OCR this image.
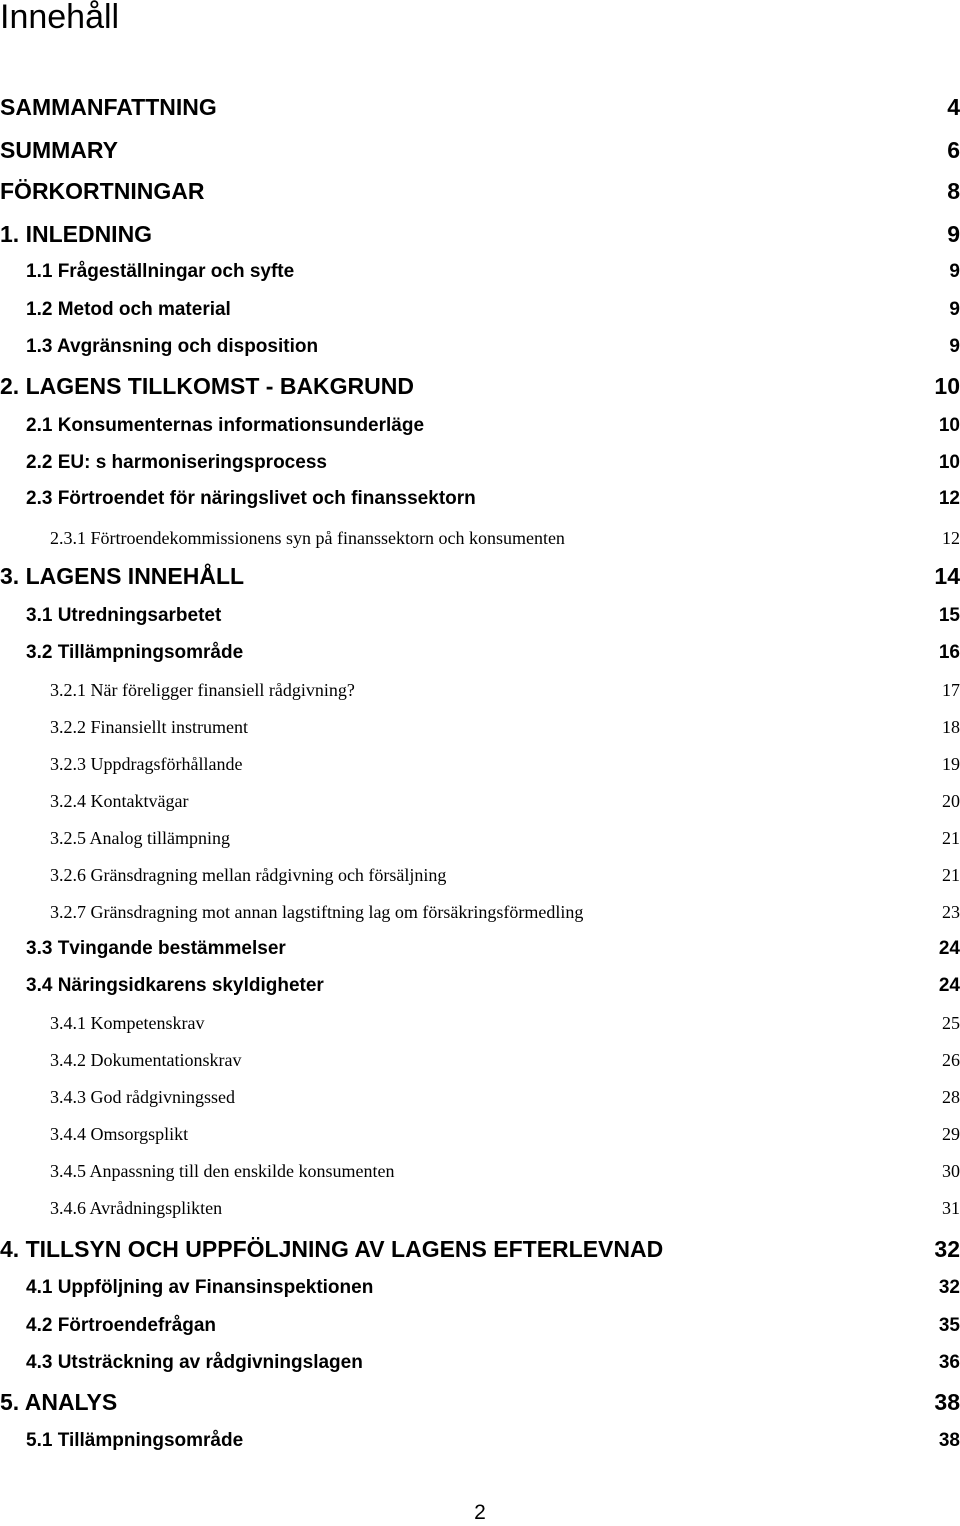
Innehåll
SAMMANFATTNING	4
SUMMARY	6
FÖRKORTNINGAR	8
1. INLEDNING	9
1.1 Frågeställningar och syfte	9
1.2 Metod och material	9
1.3 Avgränsning och disposition	9
2. LAGENS TILLKOMST - BAKGRUND	10
2.1 Konsumenternas informationsunderläge	10
2.2 EU: s harmoniseringsprocess	10
2.3 Förtroendet för näringslivet och finanssektorn	12
2.3.1 Förtroendekommissionens syn på finanssektorn och konsumenten	12
3. LAGENS INNEHÅLL	14
3.1 Utredningsarbetet	15
3.2 Tillämpningsområde	16
3.2.1 När föreligger finansiell rådgivning?	17
3.2.2 Finansiellt instrument	18
3.2.3 Uppdragsförhållande	19
3.2.4 Kontaktvägar	20
3.2.5 Analog tillämpning	21
3.2.6 Gränsdragning mellan rådgivning och försäljning	21
3.2.7 Gränsdragning mot annan lagstiftning lag om försäkringsförmedling	23
3.3 Tvingande bestämmelser	24
3.4 Näringsidkarens skyldigheter	24
3.4.1 Kompetenskrav	25
3.4.2 Dokumentationskrav	26
3.4.3 God rådgivningssed	28
3.4.4 Omsorgsplikt	29
3.4.5 Anpassning till den enskilde konsumenten	30
3.4.6 Avrådningsplikten	31
4. TILLSYN OCH UPPFÖLJNING AV LAGENS EFTERLEVNAD	32
4.1 Uppföljning av Finansinspektionen	32
4.2 Förtroendefrågan	35
4.3 Utsträckning av rådgivningslagen	36
5. ANALYS	38
5.1 Tillämpningsområde	38
2
